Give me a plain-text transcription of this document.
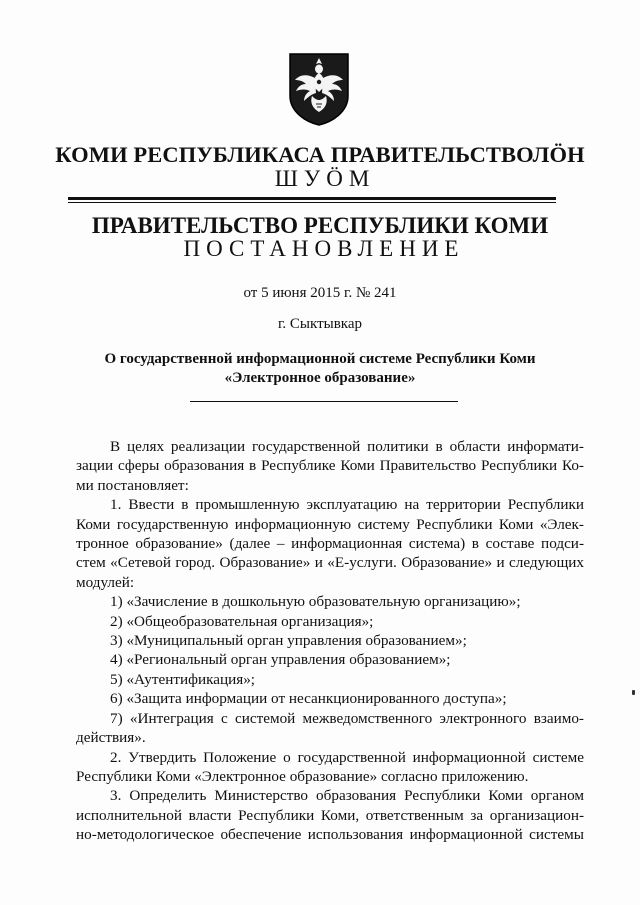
КОМИ РЕСПУБЛИКАСА ПРАВИТЕЛЬСТВОЛÖН
ШУÖМ
ПРАВИТЕЛЬСТВО РЕСПУБЛИКИ КОМИ
ПОСТАНОВЛЕНИЕ
от 5 июня 2015 г. № 241
г. Сыктывкар
О государственной информационной системе Республики Коми
«Электронное образование»

В целях реализации государственной политики в области информати-
зации сферы образования в Республике Коми Правительство Республики Ко-
ми постановляет:

1. Ввести в промышленную эксплуатацию на территории Республики
Коми государственную информационную систему Республики Коми «Элек-
тронное образование» (далее – информационная система) в составе подси-
стем «Сетевой город. Образование» и «Е-услуги. Образование» и следующих
модулей:

1) «Зачисление в дошкольную образовательную организацию»;
2) «Общеобразовательная организация»;
3) «Муниципальный орган управления образованием»;
4) «Региональный орган управления образованием»;
5) «Аутентификация»;
6) «Защита информации от несанкционированного доступа»;
7) «Интеграция с системой межведомственного электронного взаимо-
действия».

2. Утвердить Положение о государственной информационной системе
Республики Коми «Электронное образование» согласно приложению.

3. Определить Министерство образования Республики Коми органом
исполнительной власти Республики Коми, ответственным за организацион-
но-методологическое обеспечение использования информационной системы
